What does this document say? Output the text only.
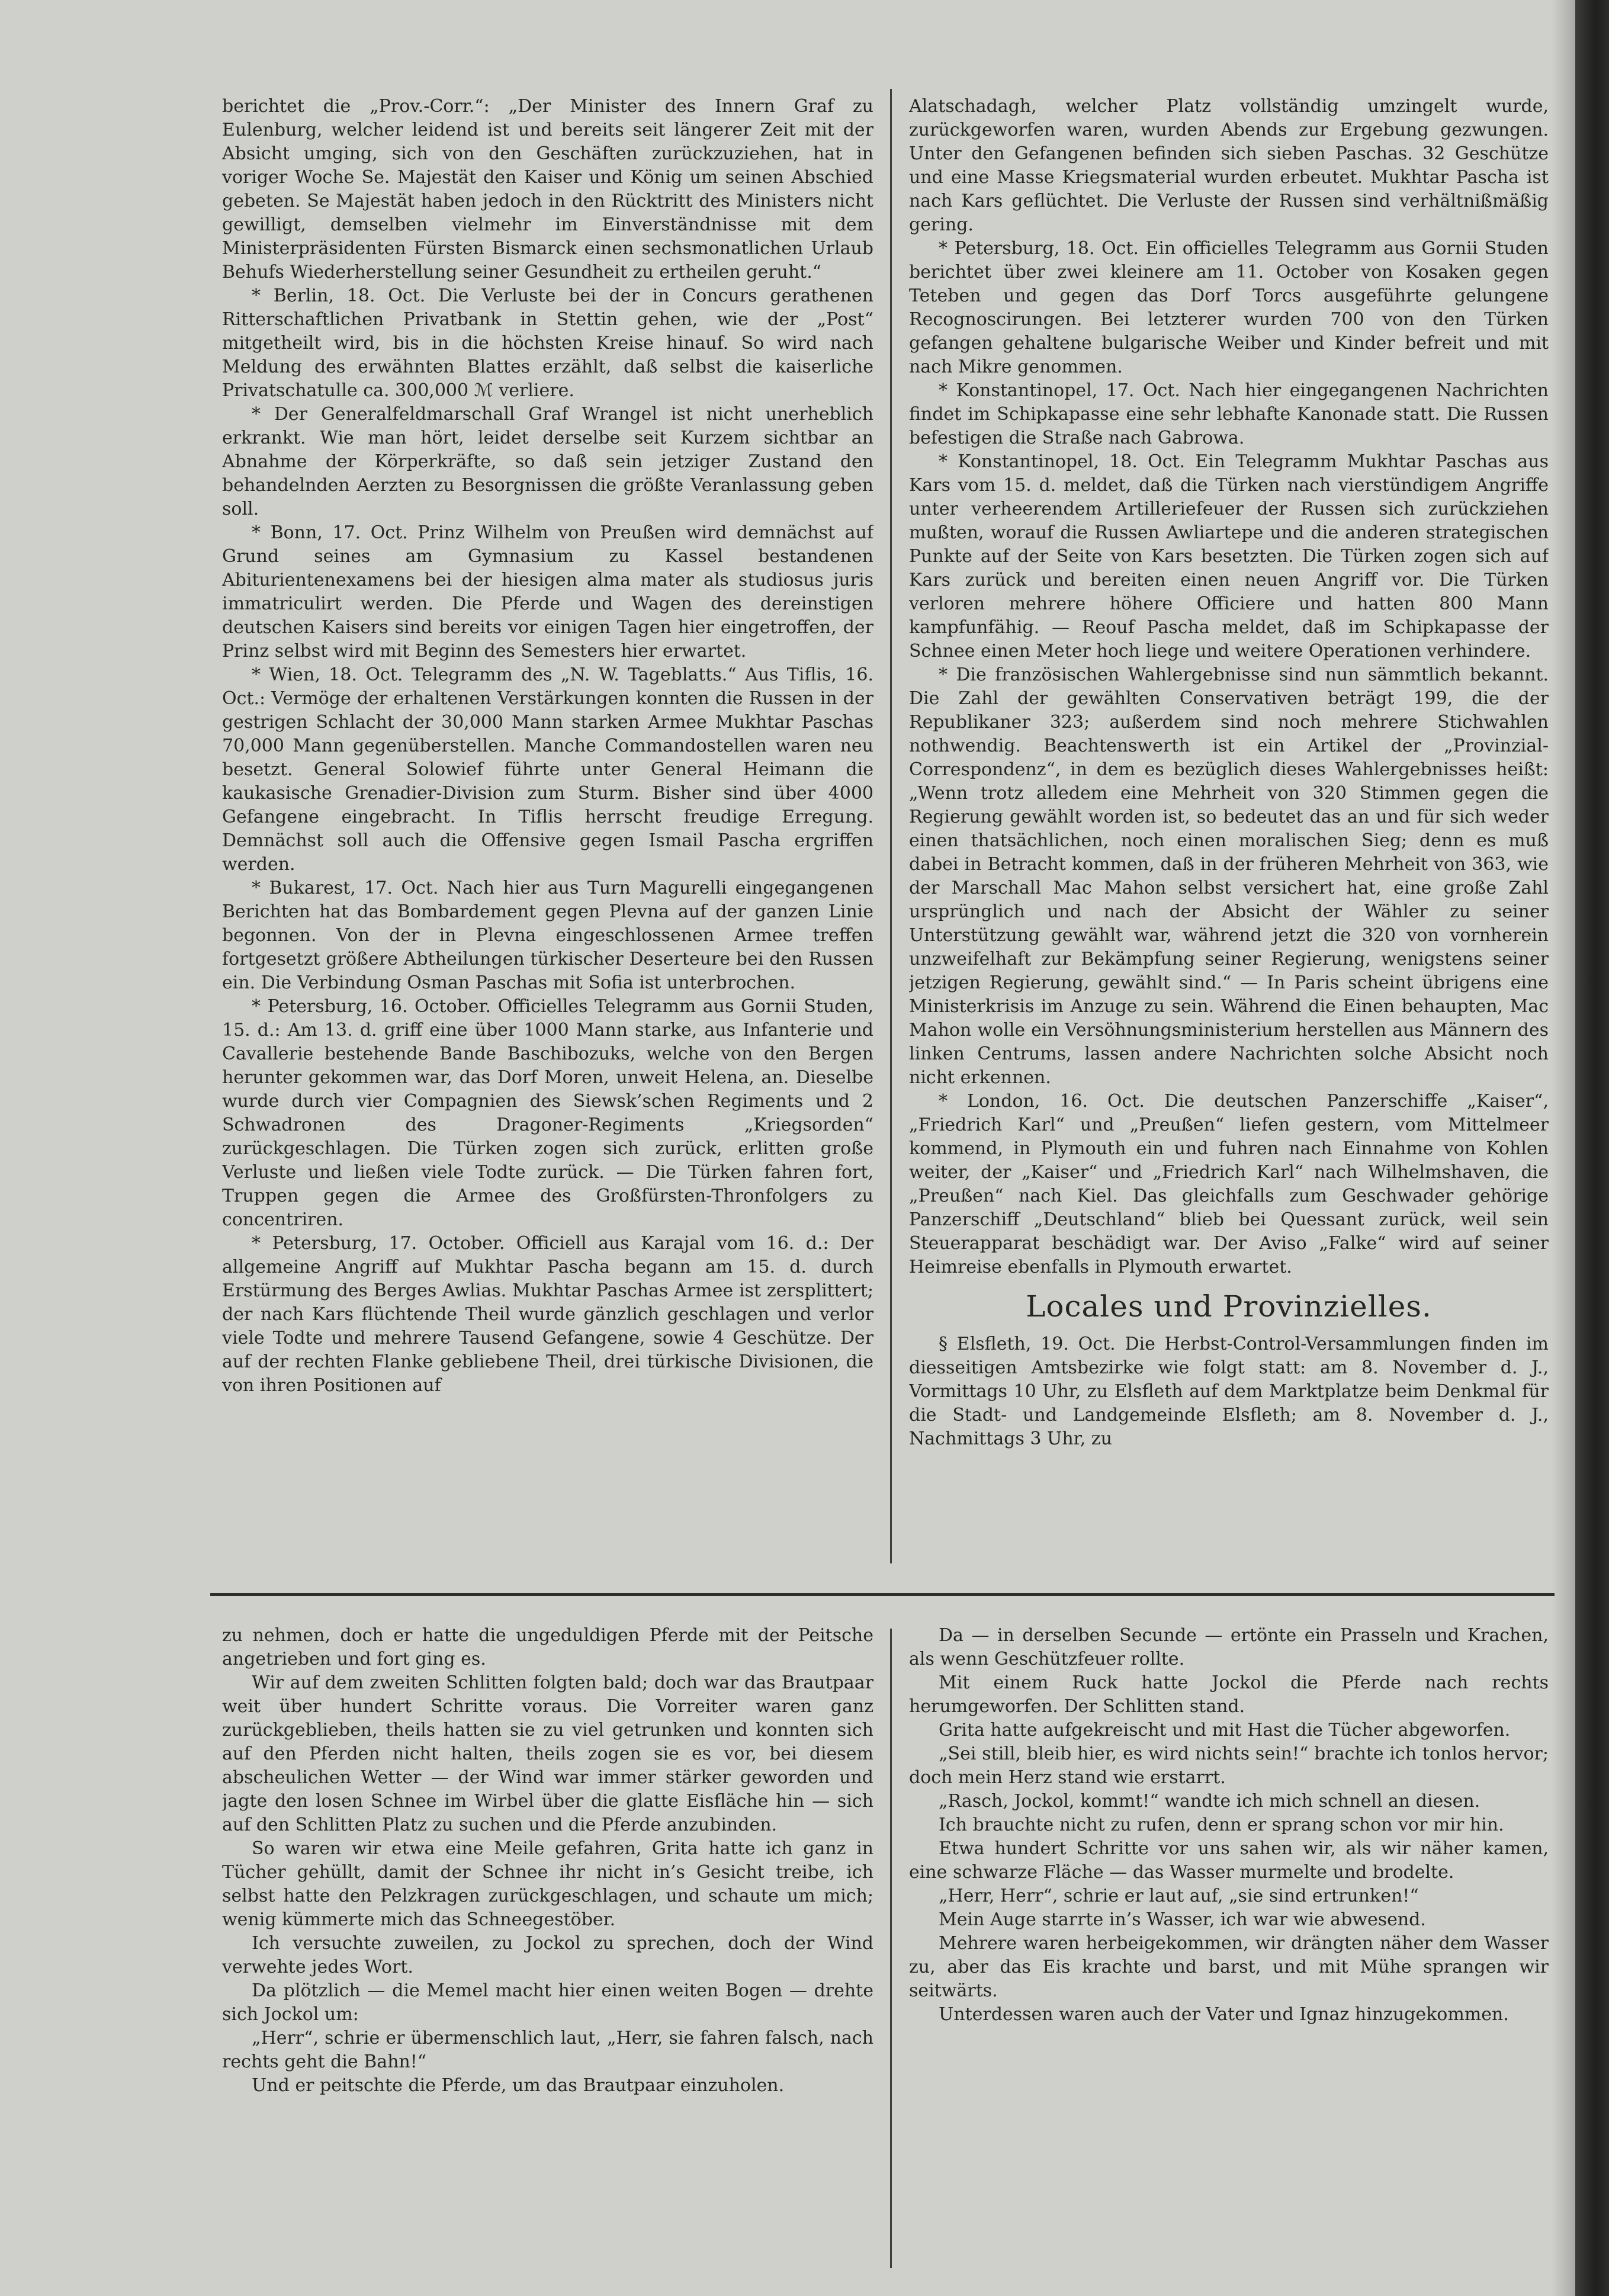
berichtet die „Prov.-Corr.“: „Der Minister des Innern Graf zu Eulenburg, welcher leidend ist und bereits seit längerer Zeit mit der Absicht umging, sich von den Geschäften zurückzuziehen, hat in voriger Woche Se. Majestät den Kaiser und König um seinen Abschied gebeten. Se Majestät haben jedoch in den Rücktritt des Ministers nicht gewilligt, demselben vielmehr im Einverständnisse mit dem Ministerpräsidenten Fürsten Bismarck einen sechsmonatlichen Urlaub Behufs Wiederherstellung seiner Gesundheit zu ertheilen geruht.“

* Berlin, 18. Oct. Die Verluste bei der in Concurs gerathenen Ritterschaftlichen Privatbank in Stettin gehen, wie der „Post“ mitgetheilt wird, bis in die höchsten Kreise hinauf. So wird nach Meldung des erwähnten Blattes erzählt, daß selbst die kaiserliche Privatschatulle ca. 300,000 ℳ verliere.

* Der Generalfeldmarschall Graf Wrangel ist nicht unerheblich erkrankt. Wie man hört, leidet derselbe seit Kurzem sichtbar an Abnahme der Körperkräfte, so daß sein jetziger Zustand den behandelnden Aerzten zu Besorgnissen die größte Veranlassung geben soll.

* Bonn, 17. Oct. Prinz Wilhelm von Preußen wird demnächst auf Grund seines am Gymnasium zu Kassel bestandenen Abiturientenexamens bei der hiesigen alma mater als studiosus juris immatriculirt werden. Die Pferde und Wagen des dereinstigen deutschen Kaisers sind bereits vor einigen Tagen hier eingetroffen, der Prinz selbst wird mit Beginn des Semesters hier erwartet.

* Wien, 18. Oct. Telegramm des „N. W. Tageblatts.“ Aus Tiflis, 16. Oct.: Vermöge der erhaltenen Verstärkungen konnten die Russen in der gestrigen Schlacht der 30,000 Mann starken Armee Mukhtar Paschas 70,000 Mann gegenüberstellen. Manche Commandostellen waren neu besetzt. General Solowief führte unter General Heimann die kaukasische Grenadier-Division zum Sturm. Bisher sind über 4000 Gefangene eingebracht. In Tiflis herrscht freudige Erregung. Demnächst soll auch die Offensive gegen Ismail Pascha ergriffen werden.

* Bukarest, 17. Oct. Nach hier aus Turn Magurelli eingegangenen Berichten hat das Bombardement gegen Plevna auf der ganzen Linie begonnen. Von der in Plevna eingeschlossenen Armee treffen fortgesetzt größere Abtheilungen türkischer Deserteure bei den Russen ein. Die Verbindung Osman Paschas mit Sofia ist unterbrochen.

* Petersburg, 16. October. Officielles Telegramm aus Gornii Studen, 15. d.: Am 13. d. griff eine über 1000 Mann starke, aus Infanterie und Cavallerie bestehende Bande Baschibozuks, welche von den Bergen herunter gekommen war, das Dorf Moren, unweit Helena, an. Dieselbe wurde durch vier Compagnien des Siewsk’schen Regiments und 2 Schwadronen des Dragoner-Regiments „Kriegsorden“ zurückgeschlagen. Die Türken zogen sich zurück, erlitten große Verluste und ließen viele Todte zurück. — Die Türken fahren fort, Truppen gegen die Armee des Großfürsten-Thronfolgers zu concentriren.

* Petersburg, 17. October. Officiell aus Karajal vom 16. d.: Der allgemeine Angriff auf Mukhtar Pascha begann am 15. d. durch Erstürmung des Berges Awlias. Mukhtar Paschas Armee ist zersplittert; der nach Kars flüchtende Theil wurde gänzlich geschlagen und verlor viele Todte und mehrere Tausend Gefangene, sowie 4 Geschütze. Der auf der rechten Flanke gebliebene Theil, drei türkische Divisionen, die von ihren Positionen auf

Alatschadagh, welcher Platz vollständig umzingelt wurde, zurückgeworfen waren, wurden Abends zur Ergebung gezwungen. Unter den Gefangenen befinden sich sieben Paschas. 32 Geschütze und eine Masse Kriegsmaterial wurden erbeutet. Mukhtar Pascha ist nach Kars geflüchtet. Die Verluste der Russen sind verhältnißmäßig gering.

* Petersburg, 18. Oct. Ein officielles Telegramm aus Gornii Studen berichtet über zwei kleinere am 11. October von Kosaken gegen Teteben und gegen das Dorf Torcs ausgeführte gelungene Recognoscirungen. Bei letzterer wurden 700 von den Türken gefangen gehaltene bulgarische Weiber und Kinder befreit und mit nach Mikre genommen.

* Konstantinopel, 17. Oct. Nach hier eingegangenen Nachrichten findet im Schipkapasse eine sehr lebhafte Kanonade statt. Die Russen befestigen die Straße nach Gabrowa.

* Konstantinopel, 18. Oct. Ein Telegramm Mukhtar Paschas aus Kars vom 15. d. meldet, daß die Türken nach vierstündigem Angriffe unter verheerendem Artilleriefeuer der Russen sich zurückziehen mußten, worauf die Russen Awliartepe und die anderen strategischen Punkte auf der Seite von Kars besetzten. Die Türken zogen sich auf Kars zurück und bereiten einen neuen Angriff vor. Die Türken verloren mehrere höhere Officiere und hatten 800 Mann kampfunfähig. — Reouf Pascha meldet, daß im Schipkapasse der Schnee einen Meter hoch liege und weitere Operationen verhindere.

* Die französischen Wahlergebnisse sind nun sämmtlich bekannt. Die Zahl der gewählten Conservativen beträgt 199, die der Republikaner 323; außerdem sind noch mehrere Stichwahlen nothwendig. Beachtenswerth ist ein Artikel der „Provinzial-Correspondenz“, in dem es bezüglich dieses Wahlergebnisses heißt: „Wenn trotz alledem eine Mehrheit von 320 Stimmen gegen die Regierung gewählt worden ist, so bedeutet das an und für sich weder einen thatsächlichen, noch einen moralischen Sieg; denn es muß dabei in Betracht kommen, daß in der früheren Mehrheit von 363, wie der Marschall Mac Mahon selbst versichert hat, eine große Zahl ursprünglich und nach der Absicht der Wähler zu seiner Unterstützung gewählt war, während jetzt die 320 von vornherein unzweifelhaft zur Bekämpfung seiner Regierung, wenigstens seiner jetzigen Regierung, gewählt sind.“ — In Paris scheint übrigens eine Ministerkrisis im Anzuge zu sein. Während die Einen behaupten, Mac Mahon wolle ein Versöhnungsministerium herstellen aus Männern des linken Centrums, lassen andere Nachrichten solche Absicht noch nicht erkennen.

* London, 16. Oct. Die deutschen Panzerschiffe „Kaiser“, „Friedrich Karl“ und „Preußen“ liefen gestern, vom Mittelmeer kommend, in Plymouth ein und fuhren nach Einnahme von Kohlen weiter, der „Kaiser“ und „Friedrich Karl“ nach Wilhelmshaven, die „Preußen“ nach Kiel. Das gleichfalls zum Geschwader gehörige Panzerschiff „Deutschland“ blieb bei Quessant zurück, weil sein Steuerapparat beschädigt war. Der Aviso „Falke“ wird auf seiner Heimreise ebenfalls in Plymouth erwartet.

Locales und Provinzielles.

§ Elsfleth, 19. Oct. Die Herbst-Control-Versammlungen finden im diesseitigen Amtsbezirke wie folgt statt: am 8. November d. J., Vormittags 10 Uhr, zu Elsfleth auf dem Marktplatze beim Denkmal für die Stadt- und Landgemeinde Elsfleth; am 8. November d. J., Nachmittags 3 Uhr, zu

zu nehmen, doch er hatte die ungeduldigen Pferde mit der Peitsche angetrieben und fort ging es.

Wir auf dem zweiten Schlitten folgten bald; doch war das Brautpaar weit über hundert Schritte voraus. Die Vorreiter waren ganz zurückgeblieben, theils hatten sie zu viel getrunken und konnten sich auf den Pferden nicht halten, theils zogen sie es vor, bei diesem abscheulichen Wetter — der Wind war immer stärker geworden und jagte den losen Schnee im Wirbel über die glatte Eisfläche hin — sich auf den Schlitten Platz zu suchen und die Pferde anzubinden.

So waren wir etwa eine Meile gefahren, Grita hatte ich ganz in Tücher gehüllt, damit der Schnee ihr nicht in’s Gesicht treibe, ich selbst hatte den Pelzkragen zurückgeschlagen, und schaute um mich; wenig kümmerte mich das Schneegestöber.

Ich versuchte zuweilen, zu Jockol zu sprechen, doch der Wind verwehte jedes Wort.

Da plötzlich — die Memel macht hier einen weiten Bogen — drehte sich Jockol um:

„Herr“, schrie er übermenschlich laut, „Herr, sie fahren falsch, nach rechts geht die Bahn!“

Und er peitschte die Pferde, um das Brautpaar einzuholen.

Da — in derselben Secunde — ertönte ein Prasseln und Krachen, als wenn Geschützfeuer rollte.

Mit einem Ruck hatte Jockol die Pferde nach rechts herumgeworfen. Der Schlitten stand.

Grita hatte aufgekreischt und mit Hast die Tücher abgeworfen.

„Sei still, bleib hier, es wird nichts sein!“ brachte ich tonlos hervor; doch mein Herz stand wie erstarrt.

„Rasch, Jockol, kommt!“ wandte ich mich schnell an diesen.

Ich brauchte nicht zu rufen, denn er sprang schon vor mir hin.

Etwa hundert Schritte vor uns sahen wir, als wir näher kamen, eine schwarze Fläche — das Wasser murmelte und brodelte.

„Herr, Herr“, schrie er laut auf, „sie sind ertrunken!“

Mein Auge starrte in’s Wasser, ich war wie abwesend.

Mehrere waren herbeigekommen, wir drängten näher dem Wasser zu, aber das Eis krachte und barst, und mit Mühe sprangen wir seitwärts.

Unterdessen waren auch der Vater und Ignaz hinzugekommen.
